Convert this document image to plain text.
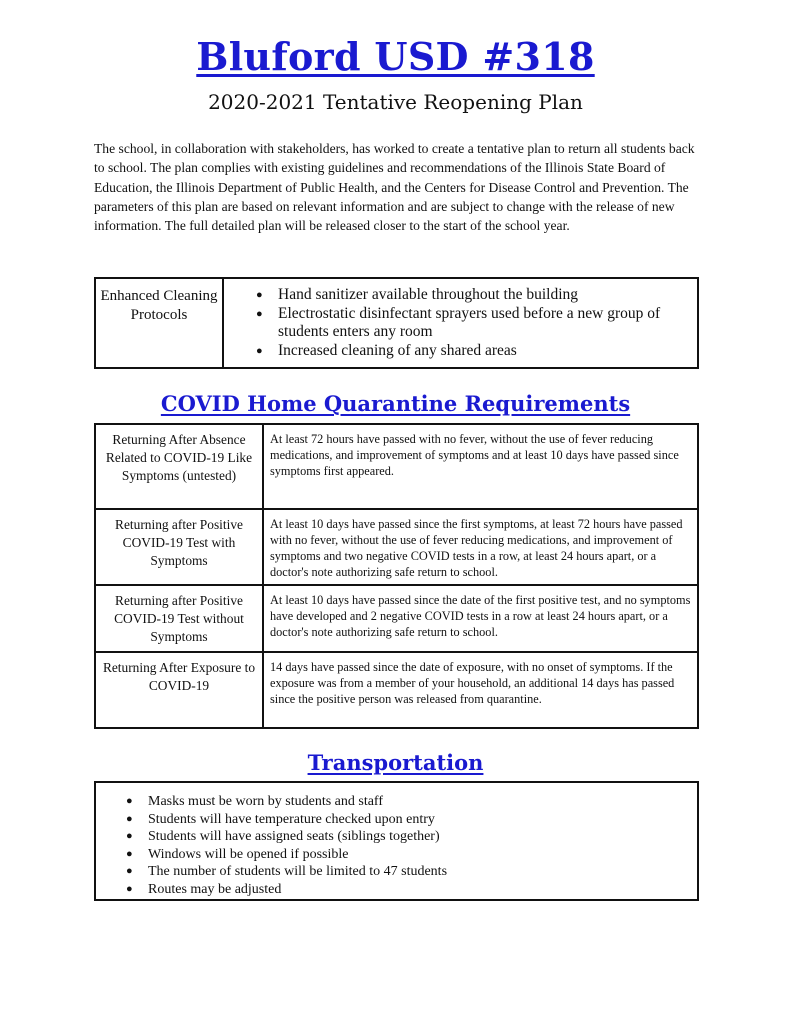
Bluford USD #318
2020-2021 Tentative Reopening Plan

The school, in collaboration with stakeholders, has worked to create a tentative plan to return all students back to school. The plan complies with existing guidelines and recommendations of the Illinois State Board of Education, the Illinois Department of Public Health, and the Centers for Disease Control and Prevention. The parameters of this plan are based on relevant information and are subject to change with the release of new information. The full detailed plan will be released closer to the start of the school year.

Enhanced Cleaning Protocols	
● Hand sanitizer available throughout the building
● Electrostatic disinfectant sprayers used before a new group of students enters any room
● Increased cleaning of any shared areas
COVID Home Quarantine Requirements
Returning After Absence Related to COVID-19 Like Symptoms (untested)	At least 72 hours have passed with no fever, without the use of fever reducing medications, and improvement of symptoms and at least 10 days have passed since symptoms first appeared.
Returning after Positive COVID-19 Test with Symptoms	At least 10 days have passed since the first symptoms, at least 72 hours have passed with no fever, without the use of fever reducing medications, and improvement of symptoms and two negative COVID tests in a row, at least 24 hours apart, or a doctor's note authorizing safe return to school.
Returning after Positive COVID-19 Test without Symptoms	At least 10 days have passed since the date of the first positive test, and no symptoms have developed and 2 negative COVID tests in a row at least 24 hours apart, or a doctor's note authorizing safe return to school.
Returning After Exposure to COVID-19	14 days have passed since the date of exposure, with no onset of symptoms. If the exposure was from a member of your household, an additional 14 days has passed since the positive person was released from quarantine.
Transportation
● Masks must be worn by students and staff
● Students will have temperature checked upon entry
● Students will have assigned seats (siblings together)
● Windows will be opened if possible
● The number of students will be limited to 47 students
● Routes may be adjusted
